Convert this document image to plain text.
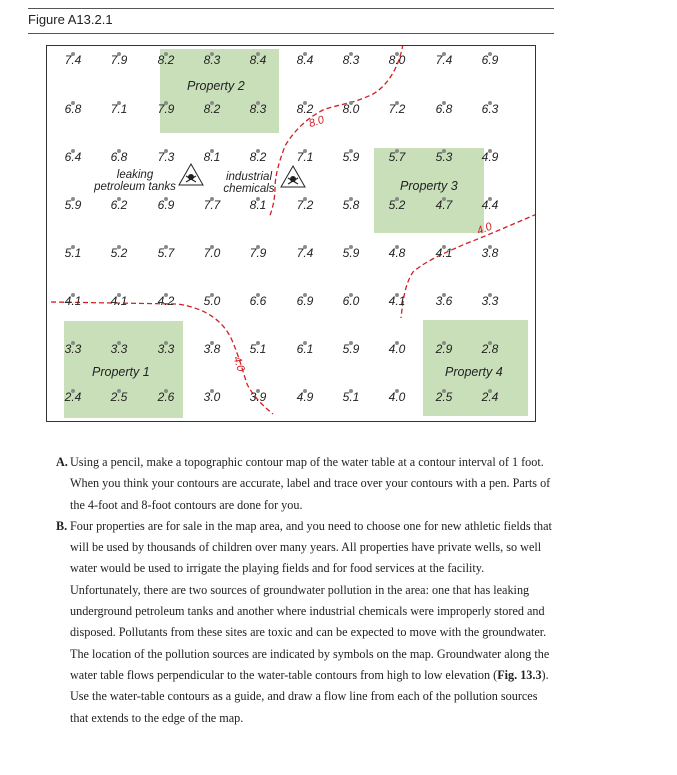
Figure A13.2.1
8.0
4.0
4.0
Property 2
Property 3
Property 1	Property 4
leaking
petroleum tanks
industrial
chemicals
7.4	7.9	8.2	8.3	8.4	8.4	8.3	8.0	7.4	6.9
6.8	7.1	7.9	8.2	8.3	8.2	8.0	7.2	6.8	6.3
6.4	6.8	7.3	8.1	8.2	7.1	5.9	5.7	5.3	4.9
5.9	6.2	6.9	7.7	8.1	7.2	5.8	5.2	4.7	4.4
5.1	5.2	5.7	7.0	7.9	7.4	5.9	4.8	4.1	3.8
4.1	4.1	4.2	5.0	6.6	6.9	6.0	4.1	3.6	3.3
3.3	3.3	3.3	3.8	5.1	6.1	5.9	4.0	2.9	2.8
2.4	2.5	2.6	3.0	3.9	4.9	5.1	4.0	2.5	2.4
A. Using a pencil, make a topographic contour map of the water table at a contour interval of 1 foot. When you think your contours are accurate, label and trace over your contours with a pen. Parts of the 4-foot and 8-foot contours are done for you.

B. Four properties are for sale in the map area, and you need to choose one for new athletic fields that will be used by thousands of children over many years. All properties have private wells, so well water would be used to irrigate the playing fields and for food services at the facility.

Unfortunately, there are two sources of groundwater pollution in the area: one that has leaking underground petroleum tanks and another where industrial chemicals were improperly stored and disposed. Pollutants from these sites are toxic and can be expected to move with the groundwater. The location of the pollution sources are indicated by symbols on the map. Groundwater along the water table flows perpendicular to the water-table contours from high to low elevation (Fig. 13.3). Use the water-table contours as a guide, and draw a flow line from each of the pollution sources that extends to the edge of the map.
